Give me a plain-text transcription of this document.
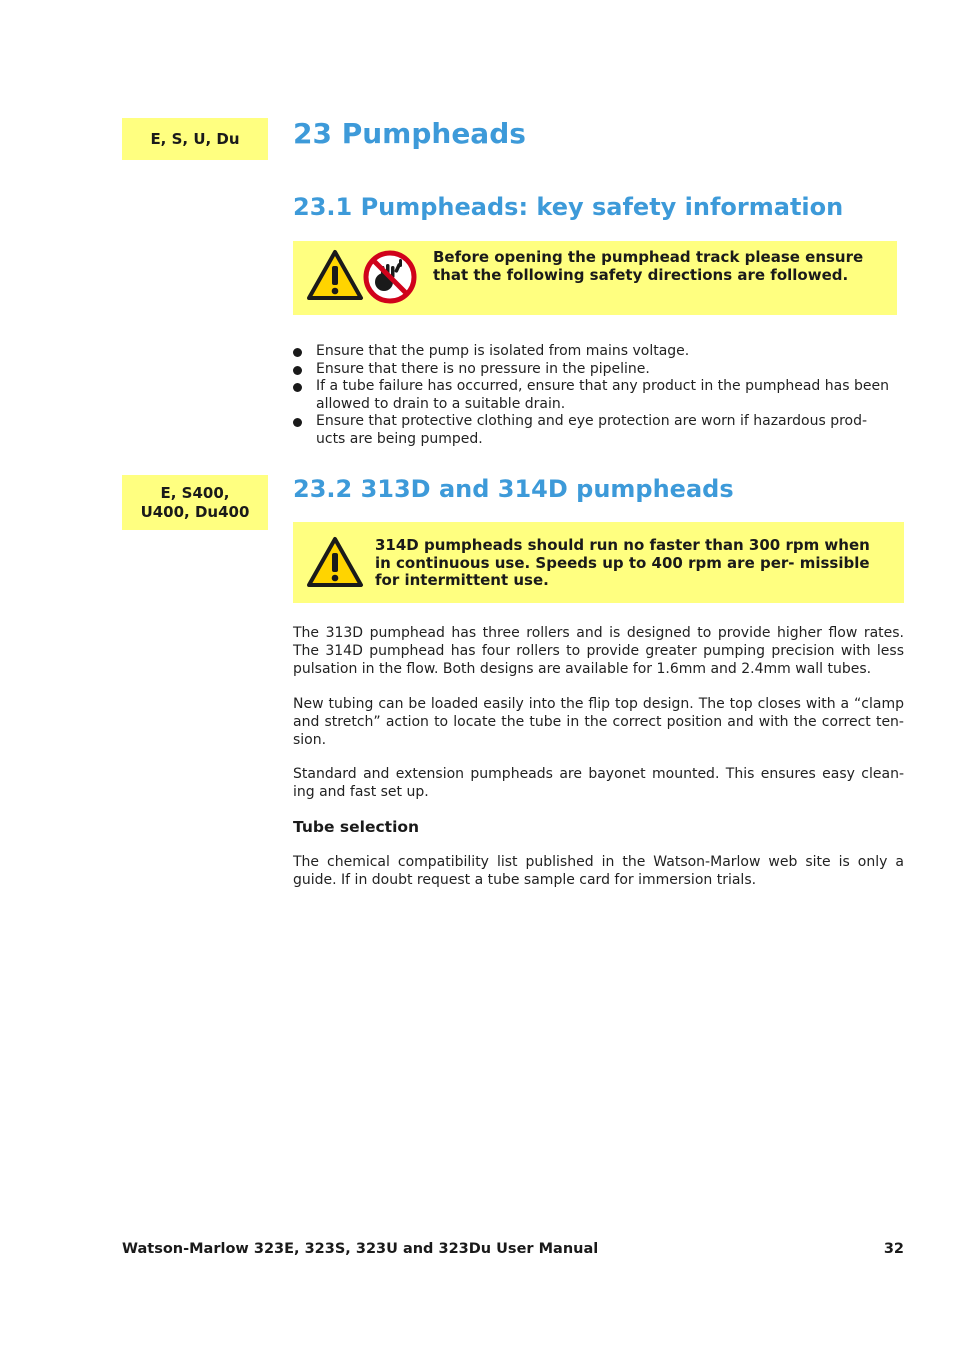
E, S, U, Du 23 Pumpheads
23.1 Pumpheads: key safety information
Before opening the pumphead track please ensure that the following safety directions are followed.
Ensure that the pump is isolated from mains voltage.
Ensure that there is no pressure in the pipeline.
If a tube failure has occurred, ensure that any product in the pumphead has been allowed to drain to a suitable drain.
Ensure that protective clothing and eye protection are worn if hazardous prod- ucts are being pumped.
E, S400,
U400, Du400
23.2 313D and 314D pumpheads
314D pumpheads should run no faster than 300 rpm when in continuous use. Speeds up to 400 rpm are per- missible for intermittent use.

The 313D pumphead has three rollers and is designed to provide higher flow rates. The 314D pumphead has four rollers to provide greater pumping precision with less pulsation in the flow. Both designs are available for 1.6mm and 2.4mm wall tubes.

New tubing can be loaded easily into the flip top design. The top closes with a “clamp and stretch” action to locate the tube in the correct position and with the correct ten- sion.

Standard and extension pumpheads are bayonet mounted. This ensures easy clean- ing and fast set up.

Tube selection

The chemical compatibility list published in the Watson-Marlow web site is only a guide. If in doubt request a tube sample card for immersion trials.

Watson-Marlow 323E, 323S, 323U and 323Du User Manual	32
